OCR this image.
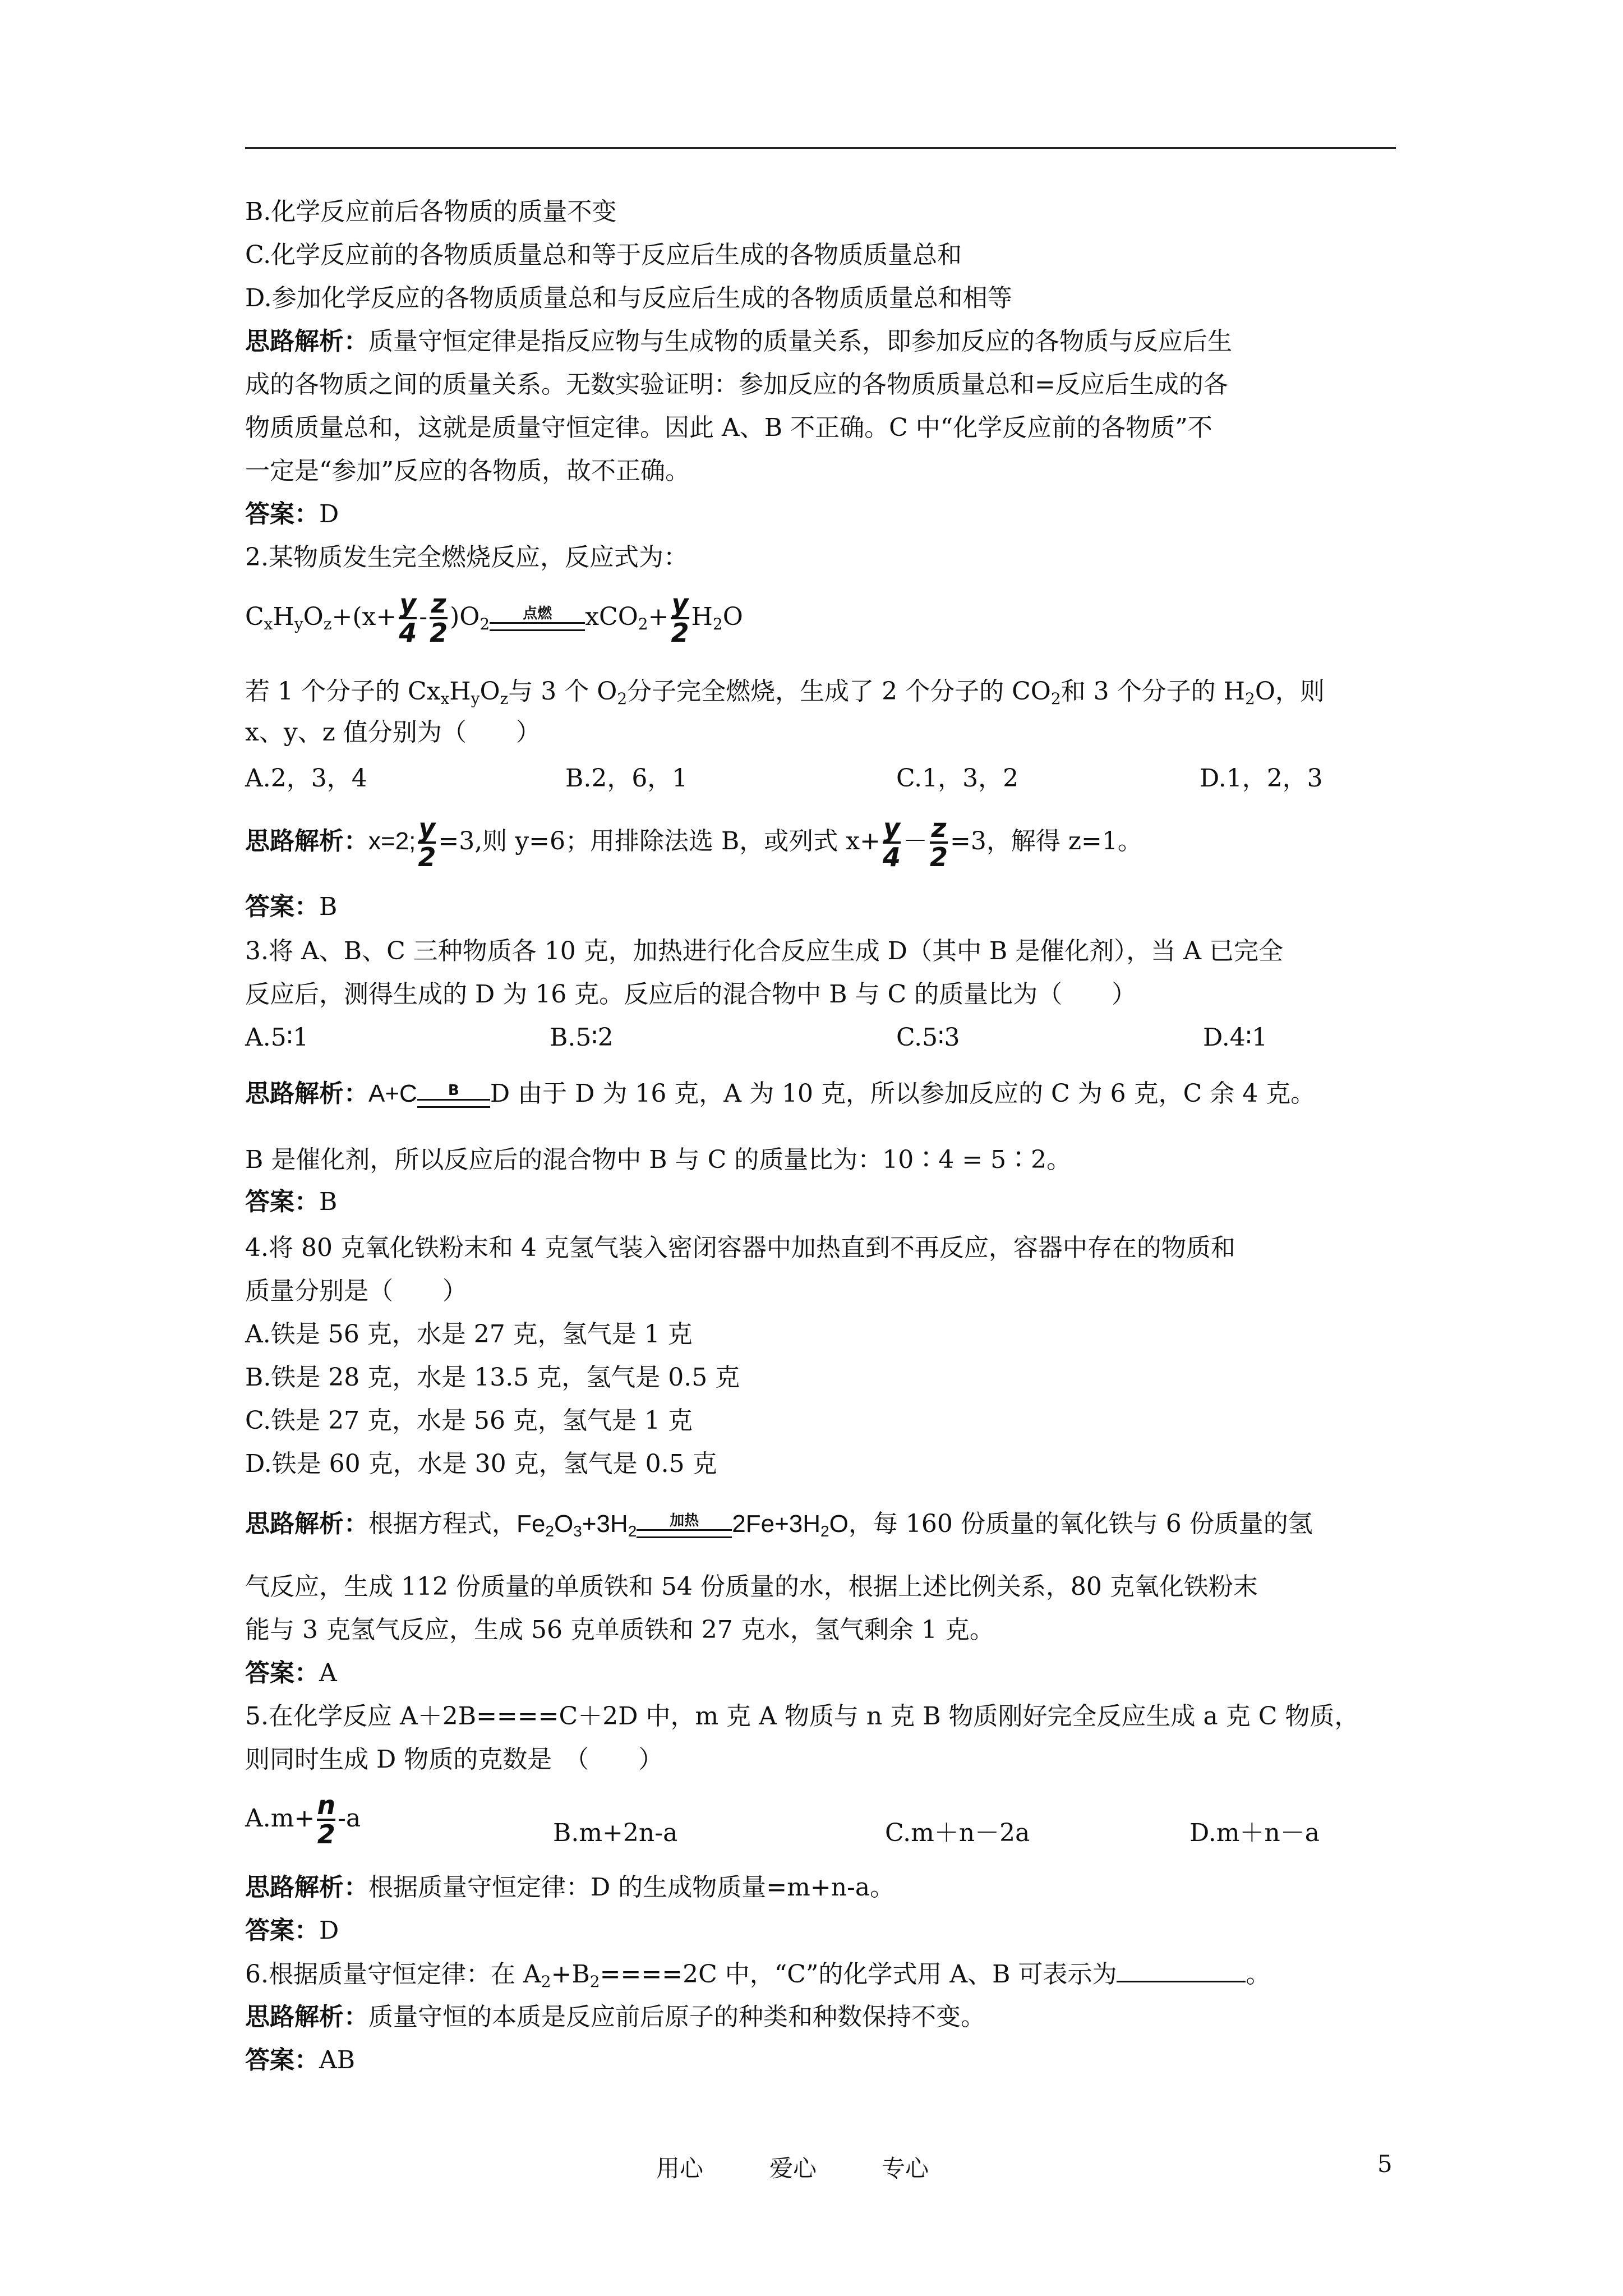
B.化学反应前后各物质的质量不变
C.化学反应前的各物质质量总和等于反应后生成的各物质质量总和
D.参加化学反应的各物质质量总和与反应后生成的各物质质量总和相等
思路解析：质量守恒定律是指反应物与生成物的质量关系，即参加反应的各物质与反应后生
成的各物质之间的质量关系。无数实验证明：参加反应的各物质质量总和=反应后生成的各
物质质量总和，这就是质量守恒定律。因此 A、B 不正确。C 中“化学反应前的各物质”不
一定是“参加”反应的各物质，故不正确。
答案：D
2.某物质发生完全燃烧反应，反应式为：
$C_xH_yO_z+(x+ \frac{y}{4} - \frac{z}{2} )O_2$
点燃	$xCO_2+ \frac{y}{2} H_2O$
若 1 个分子的 $Cx_xH_yO_z$与 3 个 $O_2$分子完全燃烧，生成了 2 个分子的 $CO_2$和 3 个分子的 $H_2O$，则
x、y、z 值分别为（　　）
A.2，3，4	B.2，6，1	C.1，3，2	D.1，2，3
思路解析：x=2; $\frac{y}{2} =3$,则 y=6；用排除法选 B，或列式 $x+ \frac{y}{4} - \frac{z}{2} =3$，解得 z=1。
答案：B
3.将 A、B、C 三种物质各 10 克，加热进行化合反应生成 D（其中 B 是催化剂），当 A 已完全
反应后，测得生成的 D 为 16 克。反应后的混合物中 B 与 C 的质量比为（　　）
A.5∶1	B.5∶2	C.5∶3	D.4∶1
思路解析：A+C	B	D 由于 D 为 16 克，A 为 10 克，所以参加反应的 C 为 6 克，C 余 4 克。
B 是催化剂，所以反应后的混合物中 B 与 C 的质量比为：10∶4 = 5∶2。
答案：B
4.将 80 克氧化铁粉末和 4 克氢气装入密闭容器中加热直到不再反应，容器中存在的物质和
质量分别是（　　）
A.铁是 56 克，水是 27 克，氢气是 1 克
B.铁是 28 克，水是 13.5 克，氢气是 0.5 克
C.铁是 27 克，水是 56 克，氢气是 1 克
D.铁是 60 克，水是 30 克，氢气是 0.5 克
思路解析：根据方程式，$Fe_2O_3+3H_2$
加热	$2Fe+3H_2O$，每 160 份质量的氧化铁与 6 份质量的氢
气反应，生成 112 份质量的单质铁和 54 份质量的水，根据上述比例关系，80 克氧化铁粉末
能与 3 克氢气反应，生成 56 克单质铁和 27 克水，氢气剩余 1 克。
答案：A
5.在化学反应 A＋2B====C＋2D 中，m 克 A 物质与 n 克 B 物质刚好完全反应生成 a 克 C 物质，
则同时生成 D 物质的克数是　（　　）
$A.m+ \frac{n}{2} -a$
B.m+2n-a	C.m＋n－2a	D.m＋n－a
思路解析：根据质量守恒定律：D 的生成物质量=m+n-a。
答案：D
6.根据质量守恒定律：在 $A_2+B_2====2C$ 中，“C”的化学式用 A、B 可表示为	。
思路解析：质量守恒的本质是反应前后原子的种类和种数保持不变。
答案：AB
用心	爱心	专心	5
